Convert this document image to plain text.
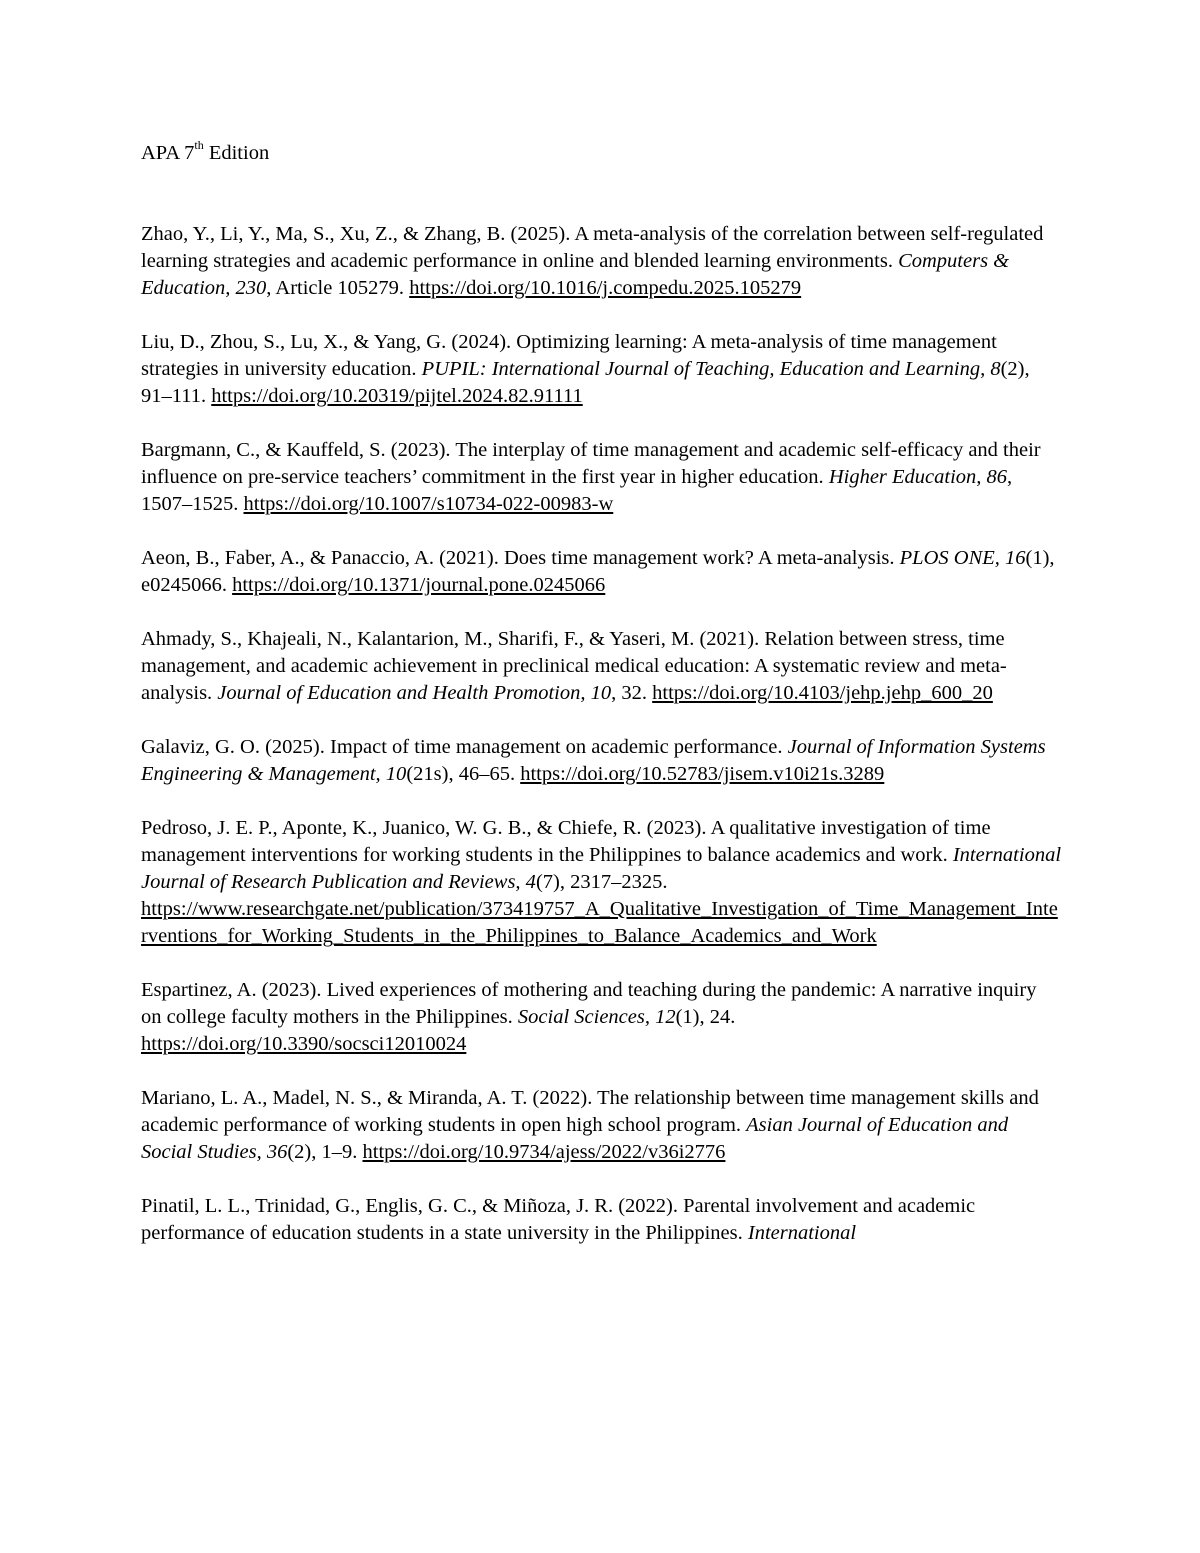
APA 7th Edition

Zhao, Y., Li, Y., Ma, S., Xu, Z., & Zhang, B. (2025). A meta-analysis of the correlation between self-regulated learning strategies and academic performance in online and blended learning environments. Computers & Education, 230, Article 105279. https://doi.org/10.1016/j.compedu.2025.105279

Liu, D., Zhou, S., Lu, X., & Yang, G. (2024). Optimizing learning: A meta-analysis of time management strategies in university education. PUPIL: International Journal of Teaching, Education and Learning, 8(2), 91–111. https://doi.org/10.20319/pijtel.2024.82.91111

Bargmann, C., & Kauffeld, S. (2023). The interplay of time management and academic self-efficacy and their influence on pre-service teachers’ commitment in the first year in higher education. Higher Education, 86, 1507–1525. https://doi.org/10.1007/s10734-022-00983-w

Aeon, B., Faber, A., & Panaccio, A. (2021). Does time management work? A meta-analysis. PLOS ONE, 16(1), e0245066. https://doi.org/10.1371/journal.pone.0245066

Ahmady, S., Khajeali, N., Kalantarion, M., Sharifi, F., & Yaseri, M. (2021). Relation between stress, time management, and academic achievement in preclinical medical education: A systematic review and meta-analysis. Journal of Education and Health Promotion, 10, 32. https://doi.org/10.4103/jehp.jehp_600_20

Galaviz, G. O. (2025). Impact of time management on academic performance. Journal of Information Systems Engineering & Management, 10(21s), 46–65. https://doi.org/10.52783/jisem.v10i21s.3289

Pedroso, J. E. P., Aponte, K., Juanico, W. G. B., & Chiefe, R. (2023). A qualitative investigation of time management interventions for working students in the Philippines to balance academics and work. International Journal of Research Publication and Reviews, 4(7), 2317–2325. https://www.researchgate.net/publication/373419757_A_Qualitative_Investigation_of_Time_Management_Interventions_for_Working_Students_in_the_Philippines_to_Balance_Academics_and_Work

Espartinez, A. (2023). Lived experiences of mothering and teaching during the pandemic: A narrative inquiry on college faculty mothers in the Philippines. Social Sciences, 12(1), 24. https://doi.org/10.3390/socsci12010024

Mariano, L. A., Madel, N. S., & Miranda, A. T. (2022). The relationship between time management skills and academic performance of working students in open high school program. Asian Journal of Education and Social Studies, 36(2), 1–9. https://doi.org/10.9734/ajess/2022/v36i2776

Pinatil, L. L., Trinidad, G., Englis, G. C., & Miñoza, J. R. (2022). Parental involvement and academic performance of education students in a state university in the Philippines. International
